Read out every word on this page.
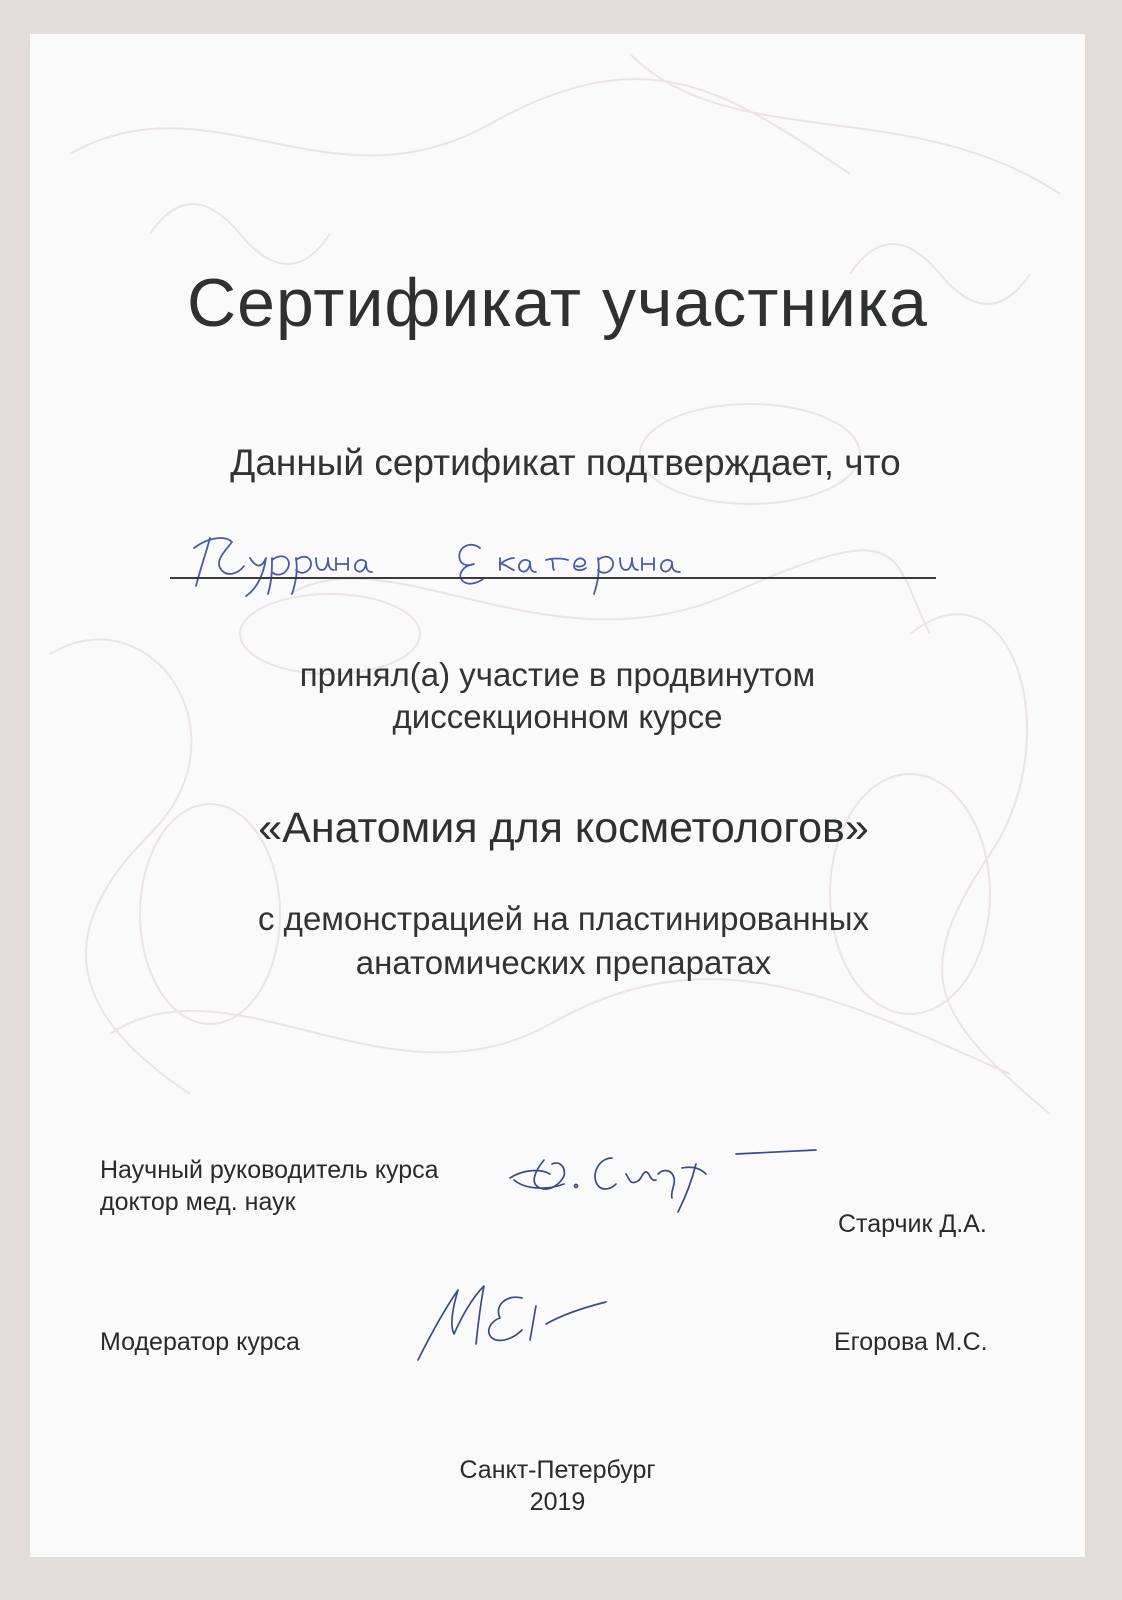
Сертификат участника
Данный сертификат подтверждает, что
принял(а) участие в продвинутом
диссекционном курсе
«Анатомия для косметологов»
с демонстрацией на пластинированных
анатомических препаратах
Научный руководитель курса
доктор мед. наук
Старчик Д.А.
Модератор курса	Егорова М.С.
Санкт-Петербург
2019
